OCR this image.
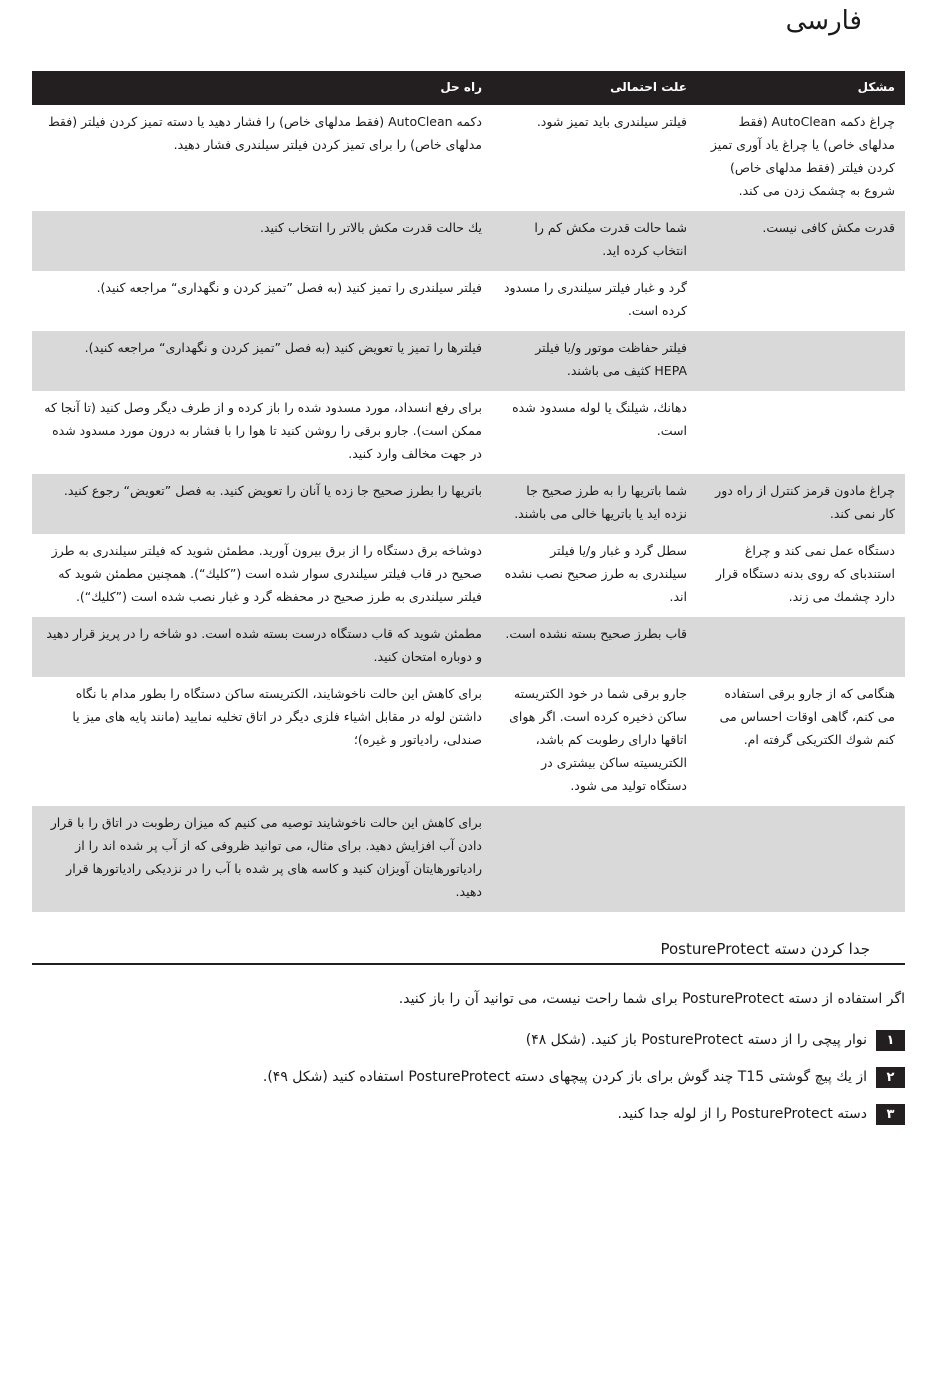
فارسی
مشکل	علت احتمالی	راه حل
چراغ دکمه AutoClean (فقط مدلهای خاص) یا چراغ یاد آوری تمیز کردن فیلتر (فقط مدلهای خاص) شروع به چشمک زدن می کند.	فیلتر سیلندری باید تمیز شود.	دکمه AutoClean (فقط مدلهای خاص) را فشار دهید یا دسته تمیز کردن فیلتر (فقط مدلهای خاص) را برای تمیز کردن فیلتر سیلندری فشار دهید.
قدرت مکش کافی نیست.	شما حالت قدرت مکش کم را انتخاب کرده اید.	یك حالت قدرت مکش بالاتر را انتخاب کنید.
	گرد و غبار فیلتر سیلندری را مسدود کرده است.	فیلتر سیلندری را تمیز کنید (به فصل ”تمیز کردن و نگهداری“ مراجعه کنید).
	فیلتر حفاظت موتور و/یا فیلتر HEPA کثیف می باشند.	فیلترها را تمیز یا تعویض کنید (به فصل ”تمیز کردن و نگهداری“ مراجعه کنید).
	دهانك، شیلنگ یا لوله مسدود شده است.	برای رفع انسداد، مورد مسدود شده را باز کرده و از طرف دیگر وصل کنید (تا آنجا که ممکن است). جارو برقی را روشن کنید تا هوا را با فشار به درون مورد مسدود شده در جهت مخالف وارد کنید.
چراغ مادون قرمز کنترل از راه دور کار نمی کند.	شما باتریها را به طرز صحیح جا نزده اید یا باتریها خالی می باشند.	باتریها را بطرز صحیح جا زده یا آنان را تعویض کنید. به فصل ”تعویض“ رجوع کنید.
دستگاه عمل نمی کند و چراغ استندبای که روی بدنه دستگاه قرار دارد چشمك می زند.	سطل گرد و غبار و/یا فیلتر سیلندری به طرز صحیح نصب نشده اند.	دوشاخه برق دستگاه را از برق بیرون آورید. مطمئن شوید که فیلتر سیلندری به طرز صحیح در قاب فیلتر سیلندری سوار شده است (”کلیك“). همچنین مطمئن شوید که فیلتر سیلندری به طرز صحیح در محفظه گرد و غبار نصب شده است (”کلیك“).
	قاب بطرز صحیح بسته نشده است.	مطمئن شوید که قاب دستگاه درست بسته شده است. دو شاخه را در پریز قرار دهید و دوباره امتحان کنید.
هنگامی که از جارو برقی استفاده می کنم، گاهی اوقات احساس می کنم شوك الکتریکی گرفته ام.	جارو برقی شما در خود الکتریسته ساکن ذخیره کرده است. اگر هوای اتاقها دارای رطوبت کم باشد، الکتریسیته ساکن بیشتری در دستگاه تولید می شود.	برای کاهش این حالت ناخوشایند، الکتریسته ساکن دستگاه را بطور مدام با نگاه داشتن لوله در مقابل اشیاء فلزی دیگر در اتاق تخلیه نمایید (مانند پایه های میز یا صندلی، رادیاتور و غیره)؛
		برای کاهش این حالت ناخوشایند توصیه می کنیم که میزان رطوبت در اتاق را با قرار دادن آب افزایش دهید. برای مثال، می توانید ظروفی که از آب پر شده اند را از رادیاتورهایتان آویزان کنید و کاسه های پر شده با آب را در نزدیکی رادیاتورها قرار دهید.
جدا کردن دسته PostureProtect

اگر استفاده از دسته PostureProtect برای شما راحت نیست، می توانید آن را باز کنید.

۱
نوار پیچی را از دسته PostureProtect باز کنید. (شکل ۴۸)
۲
از یك پیچ گوشتی T15 چند گوش برای باز کردن پیچهای دسته PostureProtect استفاده کنید (شکل ۴۹).
۳
دسته PostureProtect را از لوله جدا کنید.
